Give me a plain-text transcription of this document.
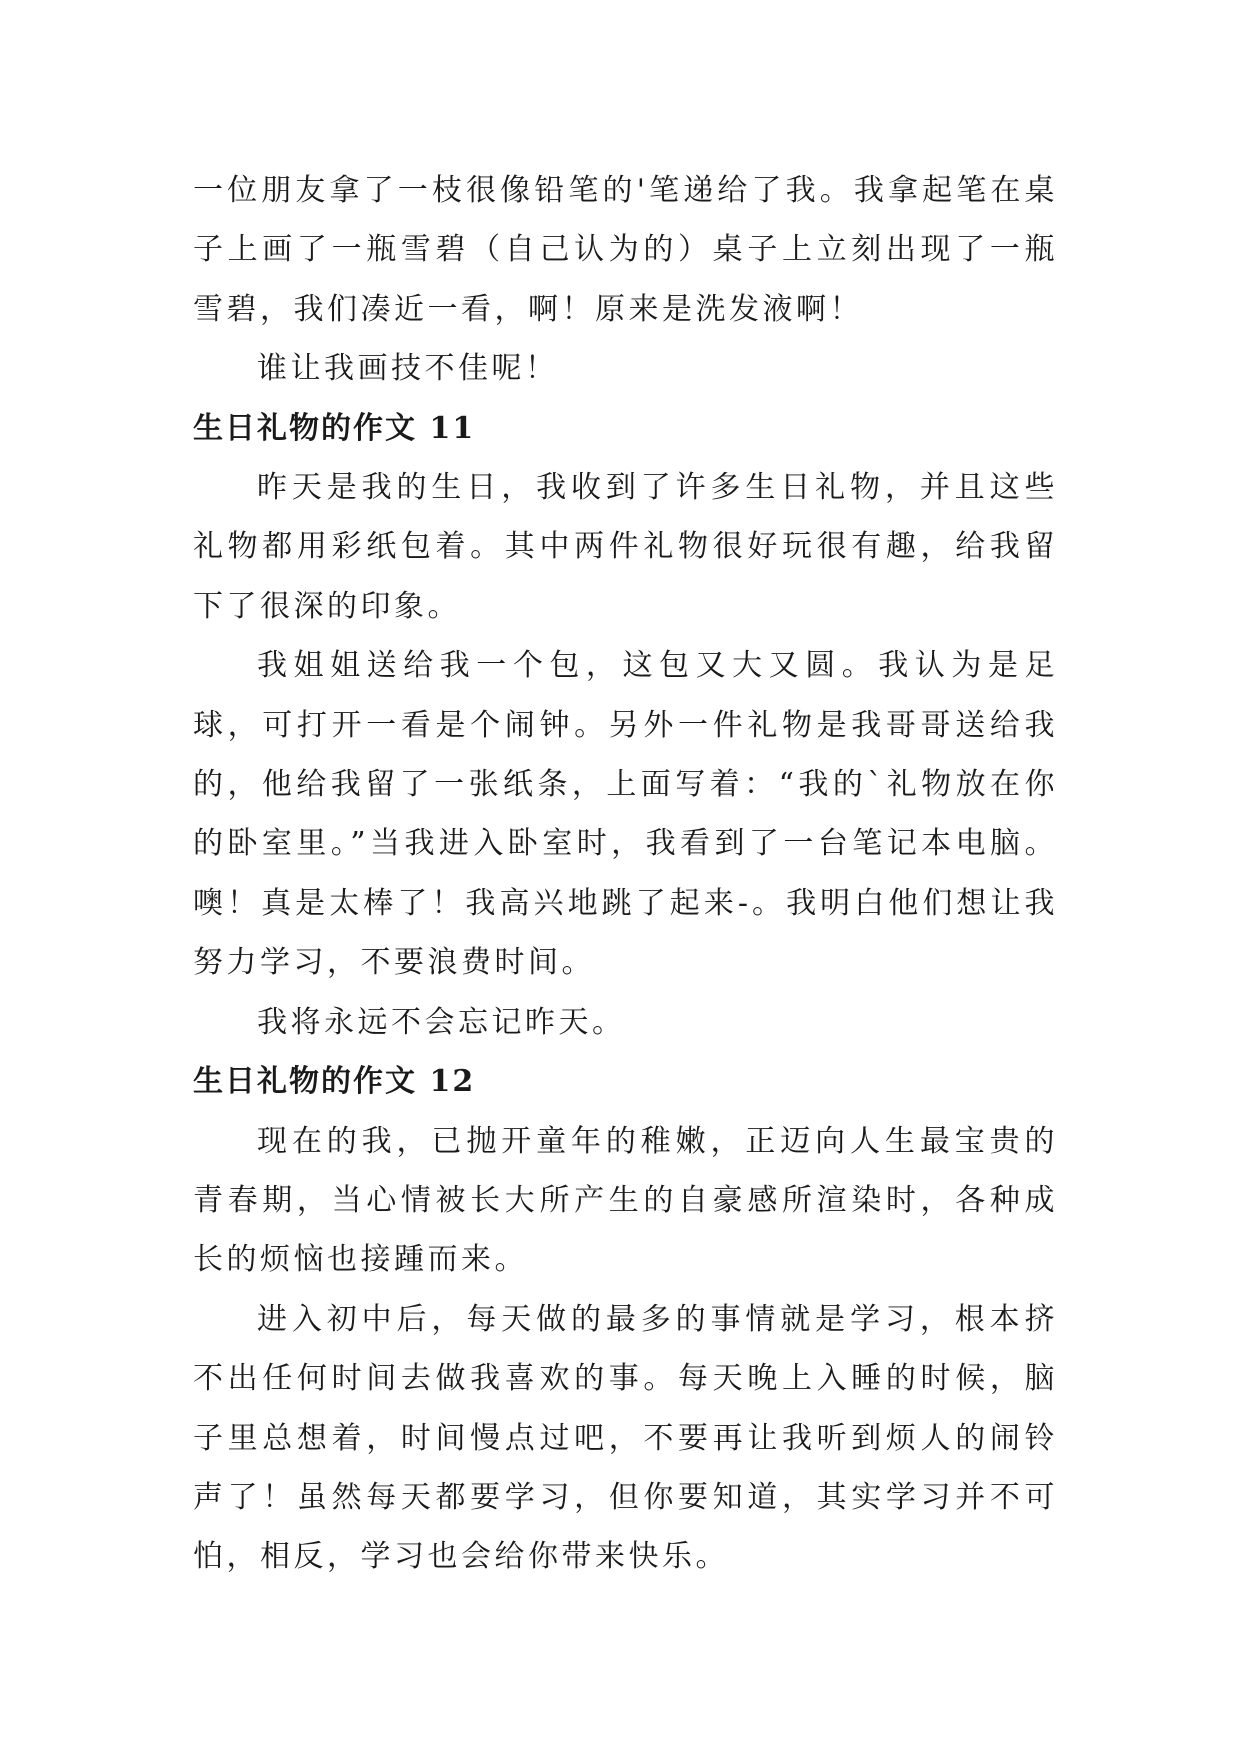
一位朋友拿了一枝很像铅笔的'笔递给了我。我拿起笔在桌子上画了一瓶雪碧（自己认为的）桌子上立刻出现了一瓶雪碧，我们凑近一看，啊！原来是洗发液啊！

谁让我画技不佳呢！

生日礼物的作文 11

昨天是我的生日，我收到了许多生日礼物，并且这些礼物都用彩纸包着。其中两件礼物很好玩很有趣，给我留下了很深的印象。

我姐姐送给我一个包，这包又大又圆。我认为是足球，可打开一看是个闹钟。另外一件礼物是我哥哥送给我的，他给我留了一张纸条，上面写着：“我的`礼物放在你的卧室里。”当我进入卧室时，我看到了一台笔记本电脑。噢！真是太棒了！我高兴地跳了起来-。我明白他们想让我努力学习，不要浪费时间。

我将永远不会忘记昨天。

生日礼物的作文 12

现在的我，已抛开童年的稚嫩，正迈向人生最宝贵的青春期，当心情被长大所产生的自豪感所渲染时，各种成长的烦恼也接踵而来。

进入初中后，每天做的最多的事情就是学习，根本挤不出任何时间去做我喜欢的事。每天晚上入睡的时候，脑子里总想着，时间慢点过吧，不要再让我听到烦人的闹铃声了！虽然每天都要学习，但你要知道，其实学习并不可怕，相反，学习也会给你带来快乐。
